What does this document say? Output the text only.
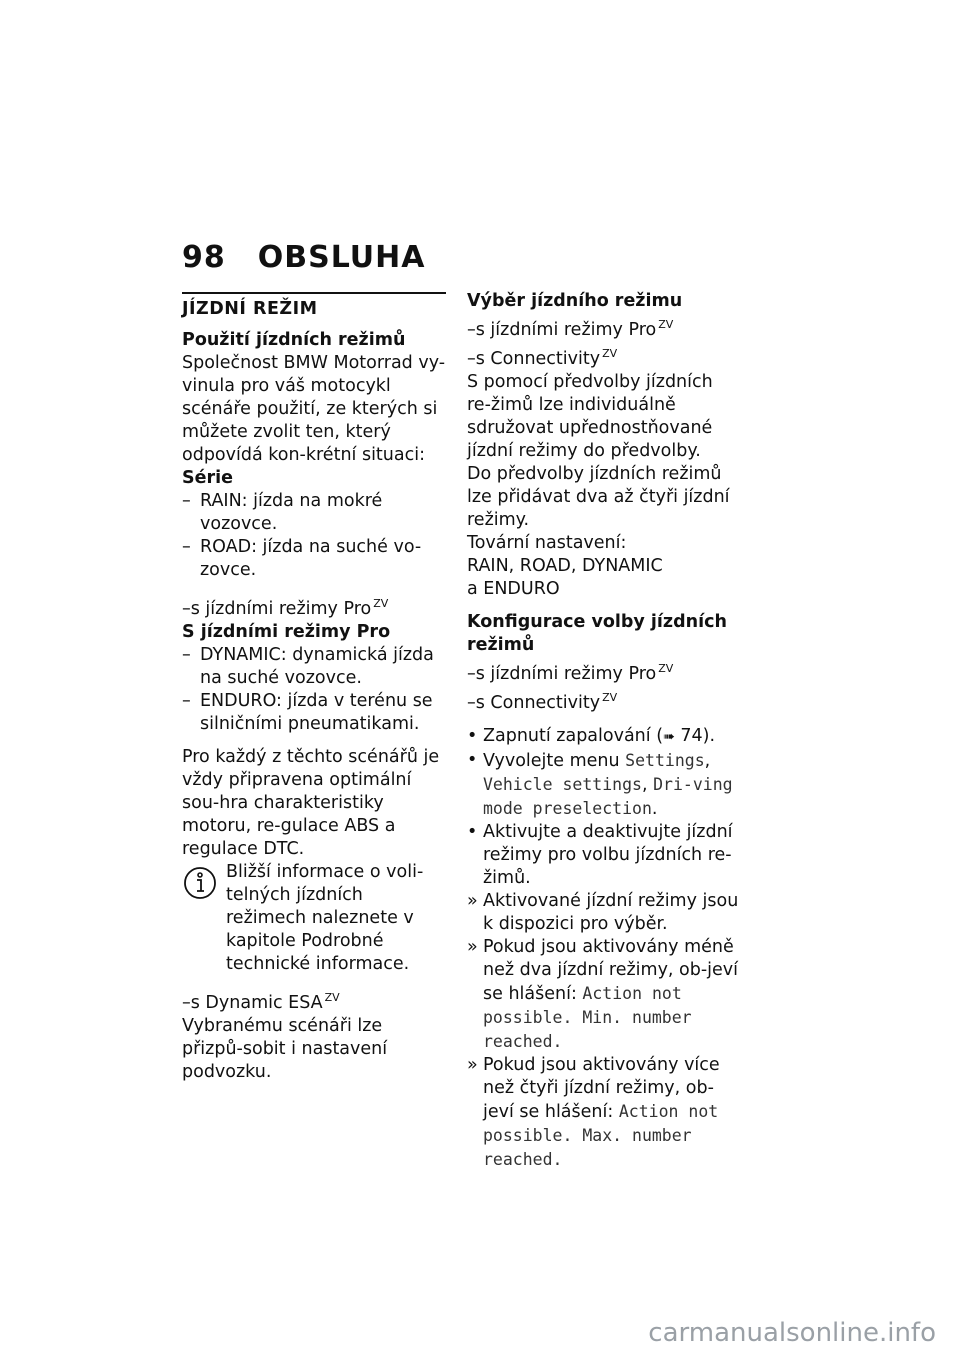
98 OBSLUHA
JÍZDNÍ REŽIM
Použití jízdních režimů

Společnost BMW Motorrad vy-vinula pro váš motocykl scénáře použití, ze kterých si můžete zvolit ten, který odpovídá kon-krétní situaci:

Série
– RAIN: jízda na mokré vozovce.
– ROAD: jízda na suché vo-zovce.

–s jízdními režimy Pro $^{ZV}$

S jízdními režimy Pro
– DYNAMIC: dynamická jízda na suché vozovce.
– ENDURO: jízda v terénu se silničními pneumatikami.

Pro každý z těchto scénářů je vždy připravena optimální sou-hra charakteristiky motoru, re-gulace ABS a regulace DTC.

Bližší informace o voli-telných jízdních režimech naleznete v kapitole Podrobné technické informace.

–s Dynamic ESA $^{ZV}$

Vybranému scénáři lze přizpů-sobit i nastavení podvozku.

Výběr jízdního režimu

–s jízdními režimy Pro $^{ZV}$

–s Connectivity $^{ZV}$

S pomocí předvolby jízdních re-žimů lze individuálně sdružovat upřednostňované jízdní režimy do předvolby.

Do předvolby jízdních režimů lze přidávat dva až čtyři jízdní režimy.

Tovární nastavení:

RAIN, ROAD, DYNAMIC

a ENDURO

Konfigurace volby jízdních režimů

–s jízdními režimy Pro $^{ZV}$

–s Connectivity $^{ZV}$

• Zapnutí zapalování (➠ 74).
• Vyvolejte menu Settings, Vehicle settings, Dri-ving mode preselection.
• Aktivujte a deaktivujte jízdní režimy pro volbu jízdních re-žimů.
» Aktivované jízdní režimy jsou k dispozici pro výběr.
» Pokud jsou aktivovány méně než dva jízdní režimy, ob-jeví se hlášení: Action not possible. Min. number reached.
» Pokud jsou aktivovány více než čtyři jízdní režimy, ob-jeví se hlášení: Action not possible. Max. number reached.
carmanualsonline.info
